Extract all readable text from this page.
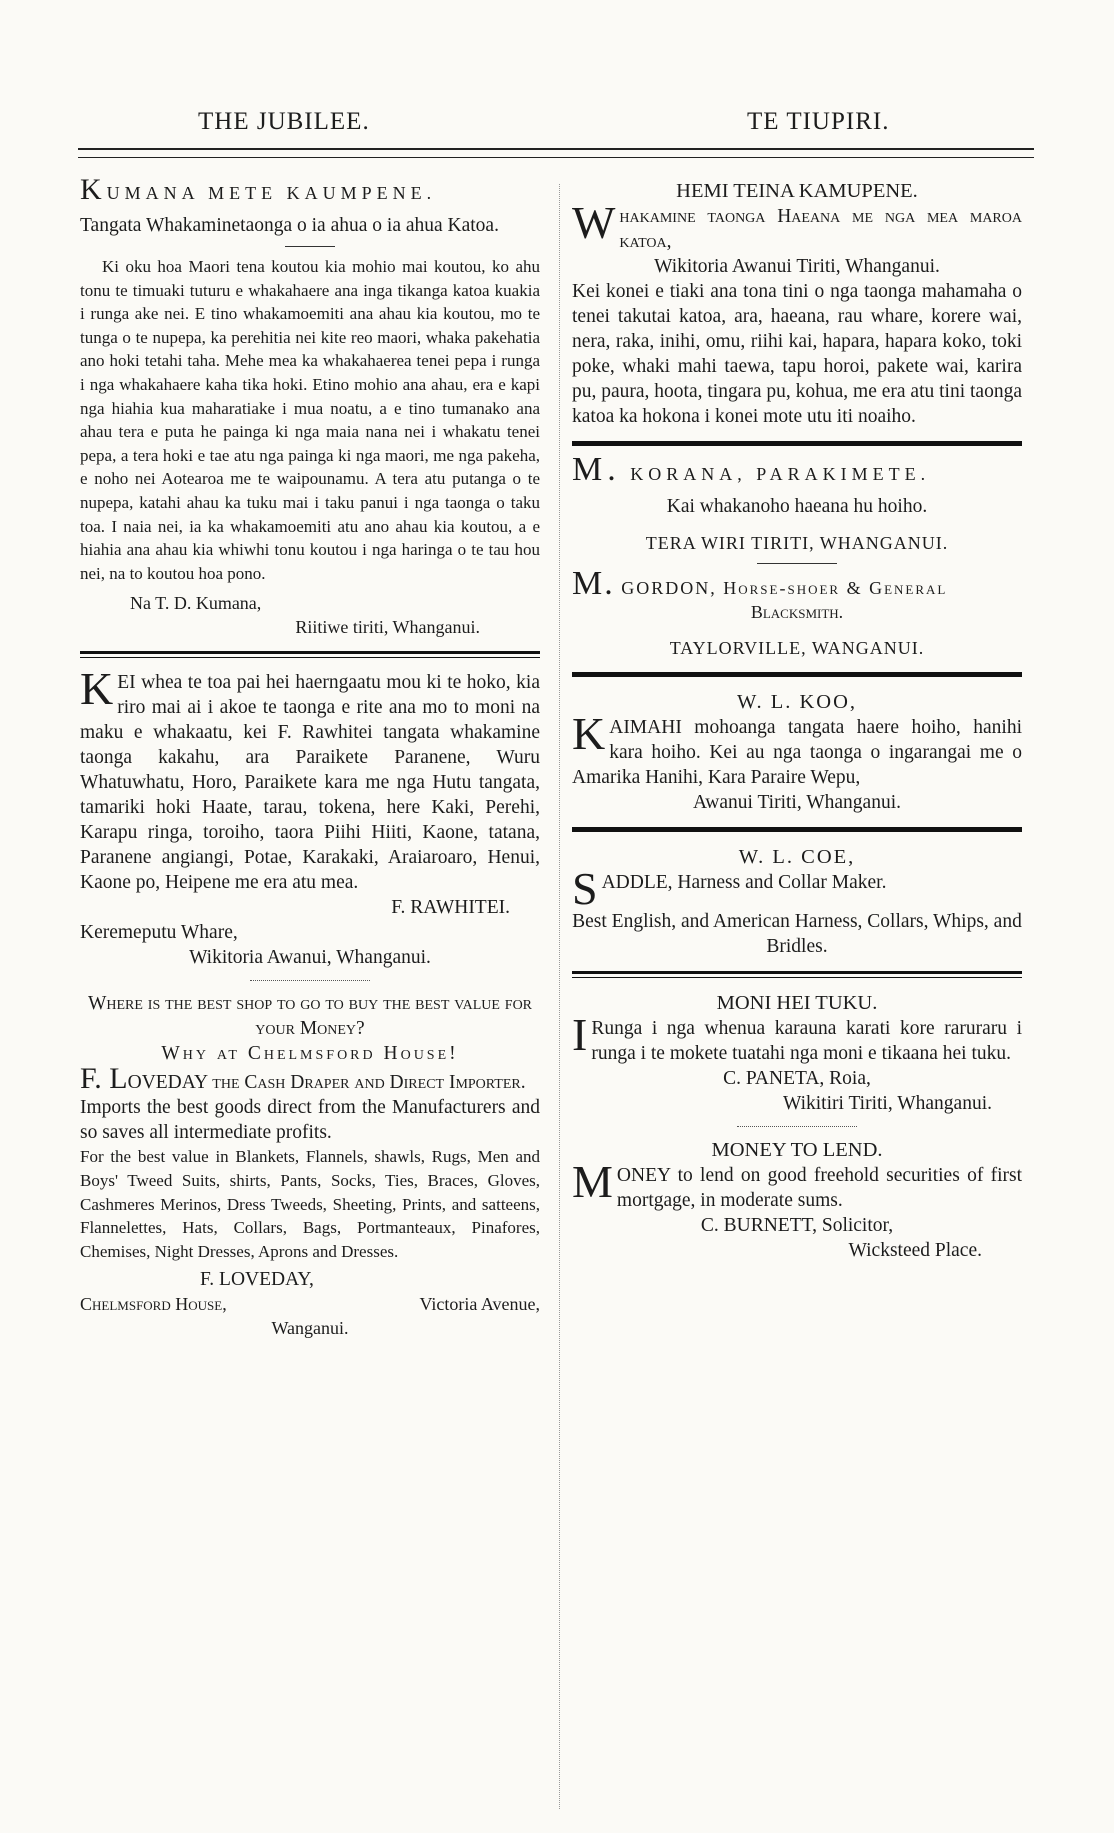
THE JUBILEE.	TE TIUPIRI.

KUMANA METE KAUMPENE.

Tangata Whakaminetaonga o ia ahua o ia ahua Katoa.

Ki oku hoa Maori tena koutou kia mohio mai koutou, ko ahu tonu te timuaki tuturu e whakahaere ana inga tikanga katoa kuakia i runga ake nei. E tino whakamoemiti ana ahau kia koutou, mo te tunga o te nupepa, ka perehitia nei kite reo maori, whaka pakehatia ano hoki tetahi taha. Mehe mea ka whakahaerea tenei pepa i runga i nga whakahaere kaha tika hoki. Etino mohio ana ahau, era e kapi nga hiahia kua maharatiake i mua noatu, a e tino tumanako ana ahau tera e puta he painga ki nga maia nana nei i whakatu tenei pepa, a tera hoki e tae atu nga painga ki nga maori, me nga pakeha, e noho nei Aotearoa me te waipounamu. A tera atu putanga o te nupepa, katahi ahau ka tuku mai i taku panui i nga taonga o taku toa. I naia nei, ia ka whakamoemiti atu ano ahau kia koutou, a e hiahia ana ahau kia whiwhi tonu koutou i nga haringa o te tau hou nei, na to koutou hoa pono.

Na T. D. Kumana,

Riitiwe tiriti, Whanganui.

KEI whea te toa pai hei haerngaatu mou ki te hoko, kia riro mai ai i akoe te taonga e rite ana mo to moni na maku e whakaatu, kei F. Rawhitei tangata whakamine taonga kakahu, ara Paraikete Paranene, Wuru Whatuwhatu, Horo, Paraikete kara me nga Hutu tangata, tamariki hoki Haate, tarau, tokena, here Kaki, Perehi, Karapu ringa, toroiho, taora Piihi Hiiti, Kaone, tatana, Paranene angiangi, Potae, Karakaki, Araiaroaro, Henui, Kaone po, Heipene me era atu mea.

F. RAWHITEI.

Keremeputu Whare,

Wikitoria Awanui, Whanganui.

Where is the best shop to go to buy the best value for your Money?

Why at Chelmsford House!

F. LOVEDAY the Cash Draper and Direct Importer.

Imports the best goods direct from the Manufacturers and so saves all intermediate profits.

For the best value in Blankets, Flannels, shawls, Rugs, Men and Boys' Tweed Suits, shirts, Pants, Socks, Ties, Braces, Gloves, Cashmeres Merinos, Dress Tweeds, Sheeting, Prints, and satteens, Flannelettes, Hats, Collars, Bags, Portmanteaux, Pinafores, Chemises, Night Dresses, Aprons and Dresses.

F. LOVEDAY,

Chelmsford House,	Victoria Avenue,

Wanganui.

HEMI TEINA KAMUPENE.

Whakamine taonga Haeana me nga mea maroa katoa,

Wikitoria Awanui Tiriti, Whanganui.

Kei konei e tiaki ana tona tini o nga taonga mahamaha o tenei takutai katoa, ara, haeana, rau whare, korere wai, nera, raka, inihi, omu, riihi kai, hapara, hapara koko, toki poke, whaki mahi taewa, tapu horoi, pakete wai, karira pu, paura, hoota, tingara pu, kohua, me era atu tini taonga katoa ka hokona i konei mote utu iti noaiho.

M. KORANA, PARAKIMETE.

Kai whakanoho haeana hu hoiho.

TERA WIRI TIRITI, WHANGANUI.

M. GORDON, Horse-shoer & General

Blacksmith.

TAYLORVILLE, WANGANUI.

W. L. KOO,

KAIMAHI mohoanga tangata haere hoiho, hanihi kara hoiho. Kei au nga taonga o ingarangai me o Amarika Hanihi, Kara Paraire Wepu,

Awanui Tiriti, Whanganui.

W. L. COE,

SADDLE, Harness and Collar Maker.

Best English, and American Harness, Collars, Whips, and Bridles.

MONI HEI TUKU.

I Runga i nga whenua karauna karati kore raruraru i runga i te mokete tuatahi nga moni e tikaana hei tuku.

C. PANETA, Roia,

Wikitiri Tiriti, Whanganui.

MONEY TO LEND.

MONEY to lend on good freehold securities of first mortgage, in moderate sums.

C. BURNETT, Solicitor,

Wicksteed Place.
